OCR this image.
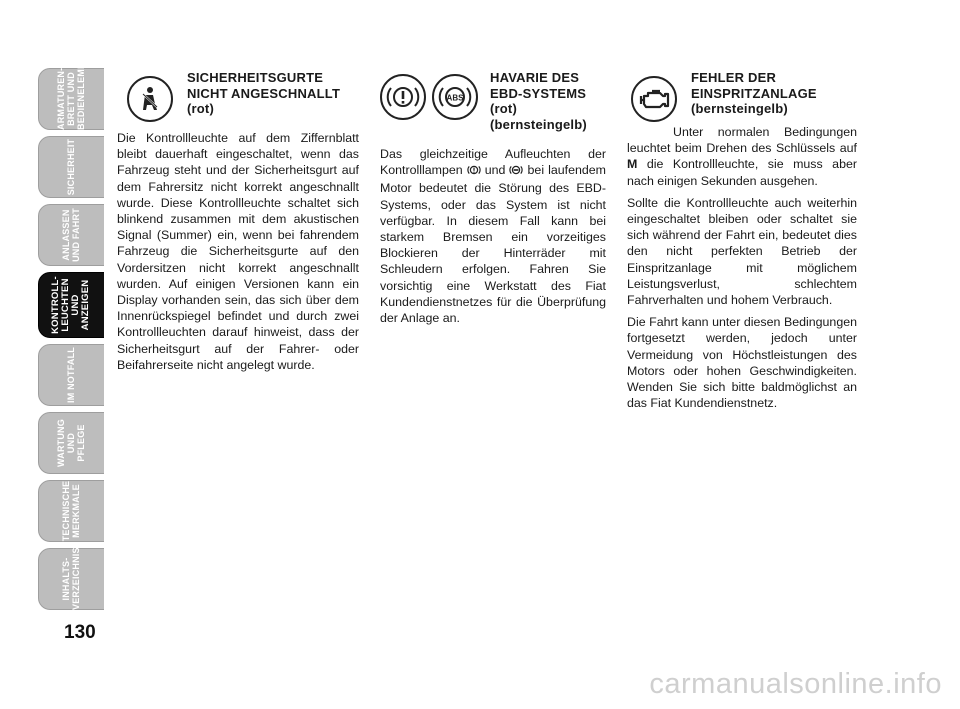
ARMATUREN-
BRETT UND
BEDIENELEMENTE
SICHERHEIT
ANLASSEN
UND FAHRT
KONTROLL-
LEUCHTEN UND
ANZEIGEN
IM NOTFALL
WARTUNG UND
PFLEGE
TECHNISCHE
MERKMALE
INHALTS-
VERZEICHNIS
130
SICHERHEITSGURTE
NICHT ANGESCHNALLT
(rot)

Die Kontrollleuchte auf dem Ziffernblatt bleibt dauerhaft eingeschaltet, wenn das Fahrzeug steht und der Sicherheitsgurt auf dem Fahrersitz nicht korrekt angeschnallt wurde. Diese Kontrollleuchte schaltet sich blinkend zusammen mit dem akustischen Signal (Summer) ein, wenn bei fahrendem Fahrzeug die Sicherheitsgurte auf den Vordersitzen nicht korrekt angeschnallt wurden. Auf einigen Versionen kann ein Display vorhanden sein, das sich über dem Innenrückspiegel befindet und durch zwei Kontrollleuchten darauf hinweist, dass der Sicherheitsgurt auf der Fahrer- oder Beifahrerseite nicht angelegt wurde.

ABS
HAVARIE DES
EBD-SYSTEMS
(rot)
(bernsteingelb)

Das gleichzeitige Aufleuchten der Kontrolllampen und bei laufendem Motor bedeutet die Störung des EBD-Systems, oder das System ist nicht verfügbar. In diesem Fall kann bei starkem Bremsen ein vorzeitiges Blockieren der Hinterräder mit Schleudern erfolgen. Fahren Sie vorsichtig eine Werkstatt des Fiat Kundendienstnetzes für die Überprüfung der Anlage an.

FEHLER DER
EINSPRITZANLAGE
(bernsteingelb)

Unter normalen Bedingungen leuchtet beim Drehen des Schlüssels auf M die Kontrollleuchte, sie muss aber nach einigen Sekunden ausgehen.

Sollte die Kontrollleuchte auch weiterhin eingeschaltet bleiben oder schaltet sie sich während der Fahrt ein, bedeutet dies den nicht perfekten Betrieb der Einspritzanlage mit möglichem Leistungsverlust, schlechtem Fahrverhalten und hohem Verbrauch.

Die Fahrt kann unter diesen Bedingungen fortgesetzt werden, jedoch unter Vermeidung von Höchstleistungen des Motors oder hohen Geschwindigkeiten. Wenden Sie sich bitte baldmöglichst an das Fiat Kundendienstnetz.

carmanualsonline.info
